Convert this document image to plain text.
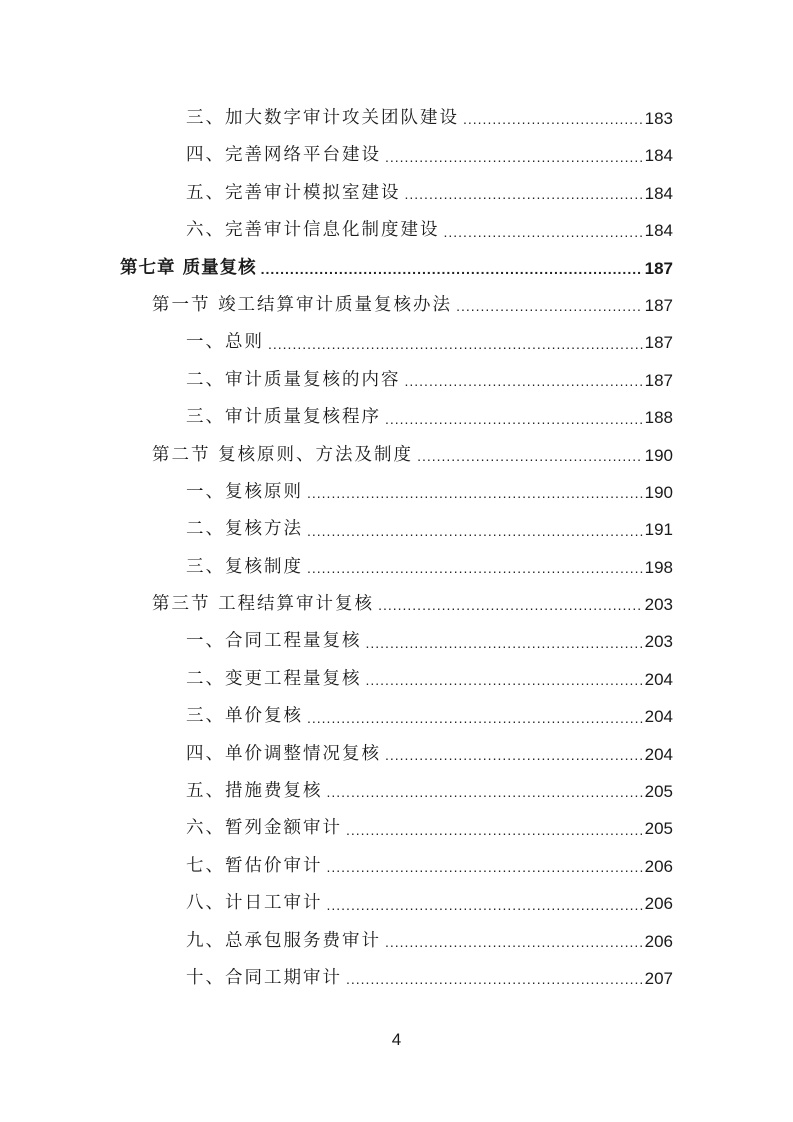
三、加大数字审计攻关团队建设 .....	183
四、完善网络平台建设 .....	184
五、完善审计模拟室建设 .....	184
六、完善审计信息化制度建设 .....	184
第七章 质量复核 .....	187
第一节 竣工结算审计质量复核办法 .....	187
一、总则 .....	187
二、审计质量复核的内容 .....	187
三、审计质量复核程序 .....	188
第二节 复核原则、方法及制度 .....	190
一、复核原则 .....	190
二、复核方法 .....	191
三、复核制度 .....	198
第三节 工程结算审计复核 .....	203
一、合同工程量复核 .....	203
二、变更工程量复核 .....	204
三、单价复核 .....	204
四、单价调整情况复核 .....	204
五、措施费复核 .....	205
六、暂列金额审计 .....	205
七、暂估价审计 .....	206
八、计日工审计 .....	206
九、总承包服务费审计 .....	206
十、合同工期审计 .....	207
4
